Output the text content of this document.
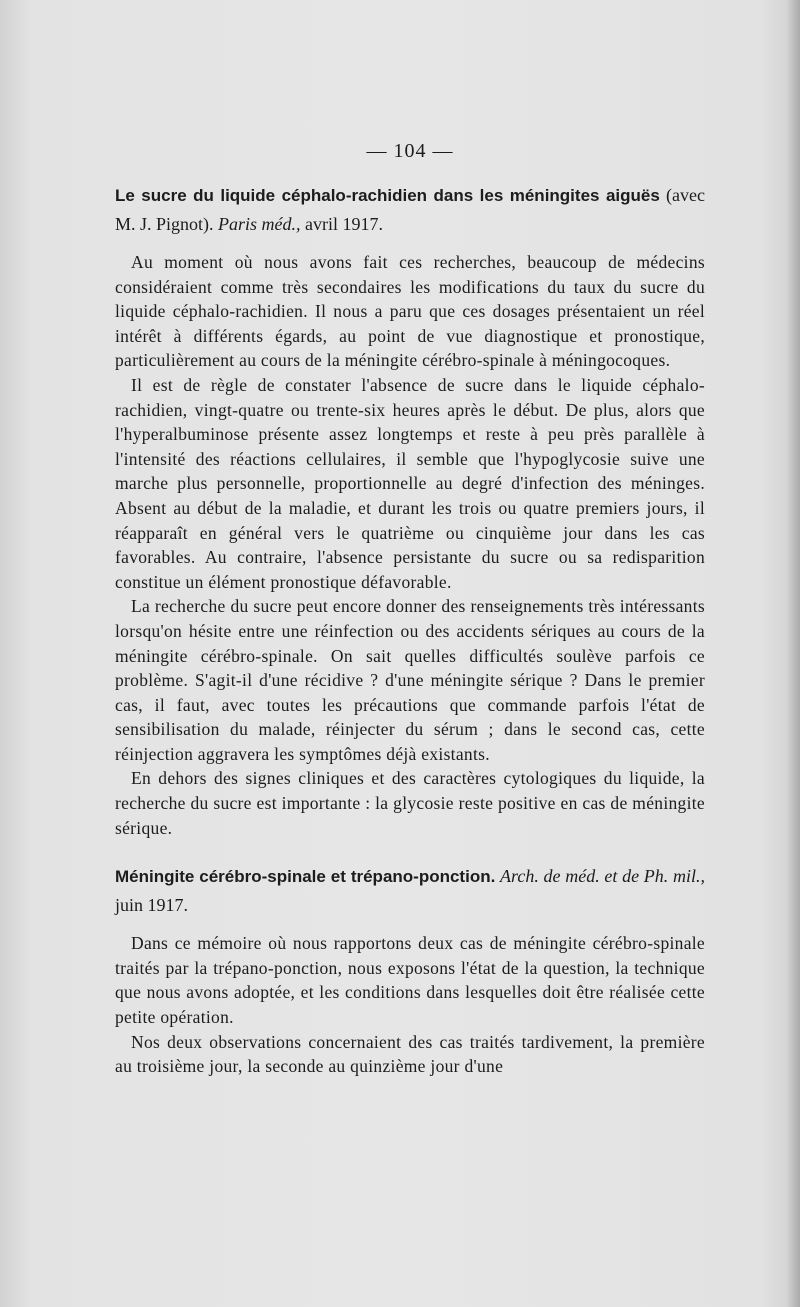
— 104 —

Le sucre du liquide céphalo-rachidien dans les méningites aiguës (avec M. J. Pignot). Paris méd., avril 1917.

Au moment où nous avons fait ces recherches, beaucoup de médecins considéraient comme très secondaires les modifications du taux du sucre du liquide céphalo-rachidien. Il nous a paru que ces dosages présentaient un réel intérêt à différents égards, au point de vue diagnostique et pronostique, particulièrement au cours de la méningite cérébro-spinale à méningocoques.

Il est de règle de constater l'absence de sucre dans le liquide céphalo-rachidien, vingt-quatre ou trente-six heures après le début. De plus, alors que l'hyperalbuminose présente assez longtemps et reste à peu près parallèle à l'intensité des réactions cellulaires, il semble que l'hypoglycosie suive une marche plus personnelle, proportionnelle au degré d'infection des méninges. Absent au début de la maladie, et durant les trois ou quatre premiers jours, il réapparaît en général vers le quatrième ou cinquième jour dans les cas favorables. Au contraire, l'absence persistante du sucre ou sa redisparition constitue un élément pronostique défavorable.

La recherche du sucre peut encore donner des renseignements très intéressants lorsqu'on hésite entre une réinfection ou des accidents sériques au cours de la méningite cérébro-spinale. On sait quelles difficultés soulève parfois ce problème. S'agit-il d'une récidive ? d'une méningite sérique ? Dans le premier cas, il faut, avec toutes les précautions que commande parfois l'état de sensibilisation du malade, réinjecter du sérum ; dans le second cas, cette réinjection aggravera les symptômes déjà existants.

En dehors des signes cliniques et des caractères cytologiques du liquide, la recherche du sucre est importante : la glycosie reste positive en cas de méningite sérique.

Méningite cérébro-spinale et trépano-ponction. Arch. de méd. et de Ph. mil., juin 1917.

Dans ce mémoire où nous rapportons deux cas de méningite cérébro-spinale traités par la trépano-ponction, nous exposons l'état de la question, la technique que nous avons adoptée, et les conditions dans lesquelles doit être réalisée cette petite opération.

Nos deux observations concernaient des cas traités tardivement, la première au troisième jour, la seconde au quinzième jour d'une
